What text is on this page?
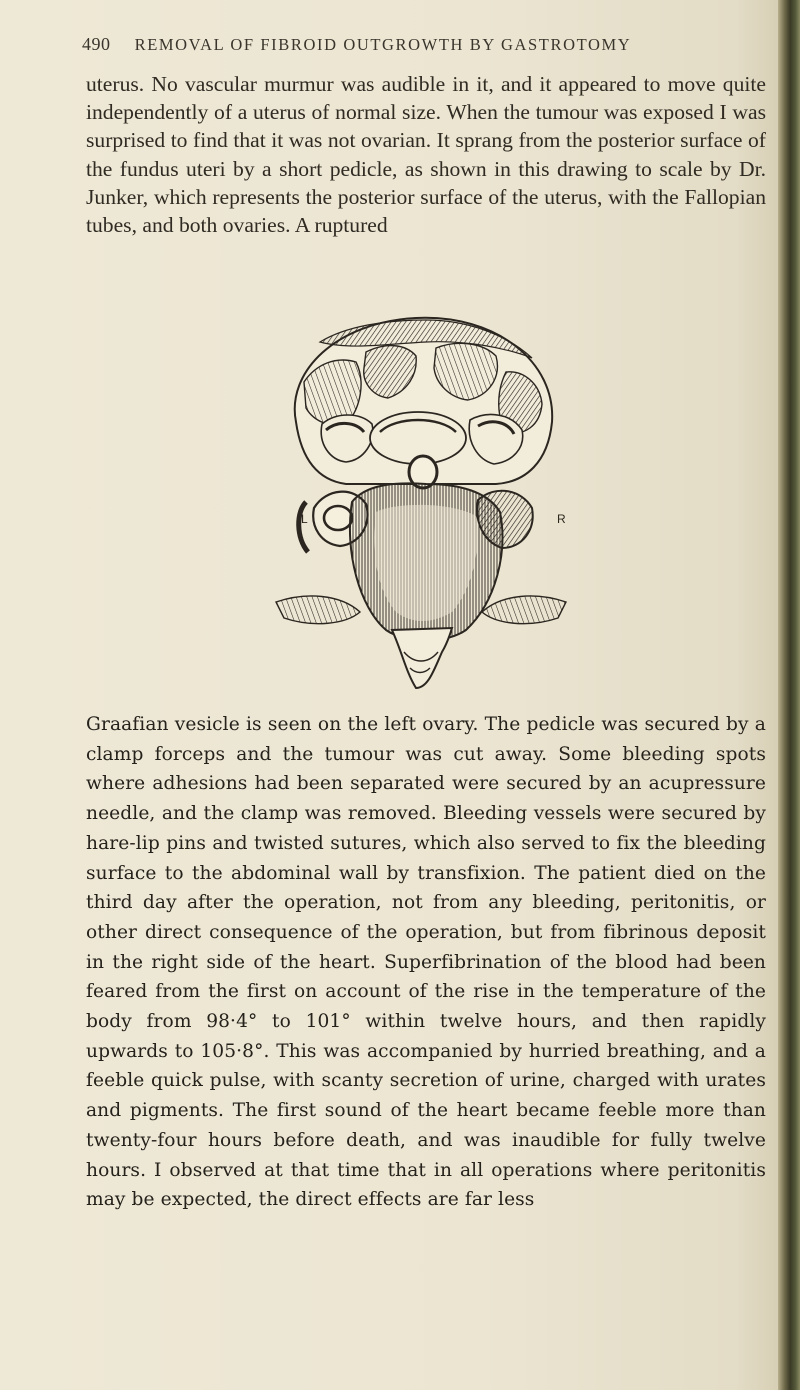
490 REMOVAL OF FIBROID OUTGROWTH BY GASTROTOMY

uterus. No vascular murmur was audible in it, and it appeared to move quite independently of a uterus of normal size. When the tumour was exposed I was surprised to find that it was not ovarian. It sprang from the posterior surface of the fundus uteri by a short pedicle, as shown in this drawing to scale by Dr. Junker, which represents the posterior surface of the uterus, with the Fallopian tubes, and both ovaries. A ruptured

L	R

Graafian vesicle is seen on the left ovary. The pedicle was secured by a clamp forceps and the tumour was cut away. Some bleeding spots where adhesions had been separated were secured by an acupressure needle, and the clamp was removed. Bleeding vessels were secured by hare-lip pins and twisted sutures, which also served to fix the bleeding surface to the abdominal wall by transfixion. The patient died on the third day after the operation, not from any bleeding, peritonitis, or other direct consequence of the operation, but from fibrinous deposit in the right side of the heart. Superfibrination of the blood had been feared from the first on account of the rise in the temperature of the body from 98·4° to 101° within twelve hours, and then rapidly upwards to 105·8°. This was accompanied by hurried breathing, and a feeble quick pulse, with scanty secretion of urine, charged with urates and pigments. The first sound of the heart became feeble more than twenty-four hours before death, and was inaudible for fully twelve hours. I observed at that time that in all operations where peritonitis may be expected, the direct effects are far less
